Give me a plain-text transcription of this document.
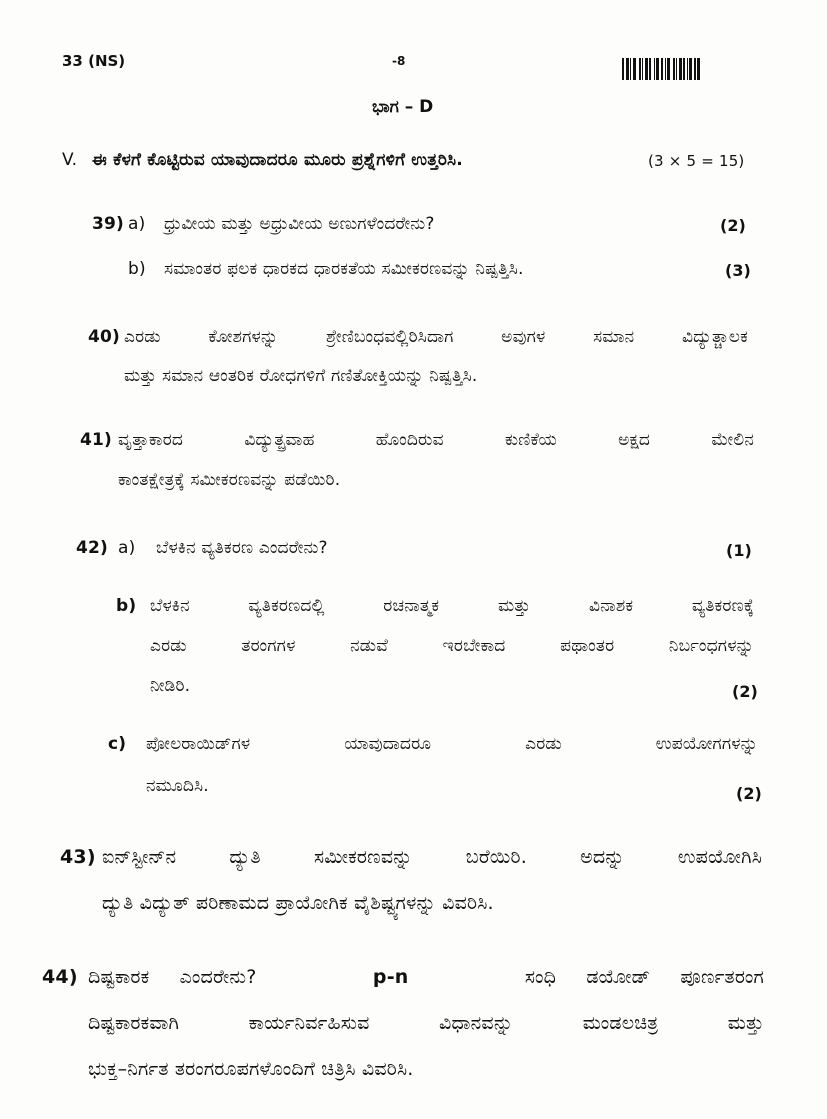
33 (NS)	-8
ಭಾಗ – D
V. ಈ ಕೆಳಗೆ ಕೊಟ್ಟಿರುವ ಯಾವುದಾದರೂ ಮೂರು ಪ್ರಶ್ನೆಗಳಿಗೆ ಉತ್ತರಿಸಿ.	(3 × 5 = 15)
39) a) ಧ್ರುವೀಯ ಮತ್ತು ಅಧ್ರುವೀಯ ಅಣುಗಳೆಂದರೇನು?	(2)
b) ಸಮಾಂತರ ಫಲಕ ಧಾರಕದ ಧಾರಕತೆಯ ಸಮೀಕರಣವನ್ನು ನಿಷ್ಪತ್ತಿಸಿ.	(3)
40) ಎರಡು ಕೋಶಗಳನ್ನು ಶ್ರೇಣಿಬಂಧವಲ್ಲಿರಿಸಿದಾಗ ಅವುಗಳ ಸಮಾನ ವಿದ್ಯುತ್ಚಾಲಕ
ಮತ್ತು ಸಮಾನ ಆಂತರಿಕ ರೋಧಗಳಿಗೆ ಗಣಿತೋಕ್ತಿಯನ್ನು ನಿಷ್ಪತ್ತಿಸಿ.
41) ವೃತ್ತಾಕಾರದ ವಿದ್ಯುತ್ಪ್ರವಾಹ ಹೊಂದಿರುವ ಕುಣಿಕೆಯ ಅಕ್ಷದ ಮೇಲಿನ
ಕಾಂತಕ್ಷೇತ್ರಕ್ಕೆ ಸಮೀಕರಣವನ್ನು ಪಡೆಯಿರಿ.
42) a) ಬೆಳಕಿನ ವ್ಯತಿಕರಣ ಎಂದರೇನು?	(1)
b) ಬೆಳಕಿನ ವ್ಯತಿಕರಣದಲ್ಲಿ ರಚನಾತ್ಮಕ ಮತ್ತು ವಿನಾಶಕ ವ್ಯತಿಕರಣಕ್ಕೆ
ಎರಡು ತರಂಗಗಳ ನಡುವೆ ಇರಬೇಕಾದ ಪಥಾಂತರ ನಿರ್ಬಂಧಗಳನ್ನು
ನೀಡಿರಿ.	(2)
c) ಪೋಲರಾಯಿಡ್‌ಗಳ ಯಾವುದಾದರೂ ಎರಡು ಉಪಯೋಗಗಳನ್ನು
ನಮೂದಿಸಿ.	(2)
43) ಐನ್‌ಸ್ಟೀನ್‌ನ ದ್ಯುತಿ ಸಮೀಕರಣವನ್ನು ಬರೆಯಿರಿ. ಅದನ್ನು ಉಪಯೋಗಿಸಿ
ದ್ಯುತಿ ವಿದ್ಯುತ್ ಪರಿಣಾಮದ ಪ್ರಾಯೋಗಿಕ ವೈಶಿಷ್ಟ್ಯಗಳನ್ನು ವಿವರಿಸಿ.
44) ದಿಷ್ಟಕಾರಕ ಎಂದರೇನು?	p-n	ಸಂಧಿ ಡಯೋಡ್ ಪೂರ್ಣತರಂಗ
ದಿಷ್ಟಕಾರಕವಾಗಿ ಕಾರ್ಯನಿರ್ವಹಿಸುವ ವಿಧಾನವನ್ನು ಮಂಡಲಚಿತ್ರ ಮತ್ತು
ಭುಕ್ತ–ನಿರ್ಗತ ತರಂಗರೂಪಗಳೊಂದಿಗೆ ಚಿತ್ರಿಸಿ ವಿವರಿಸಿ.
